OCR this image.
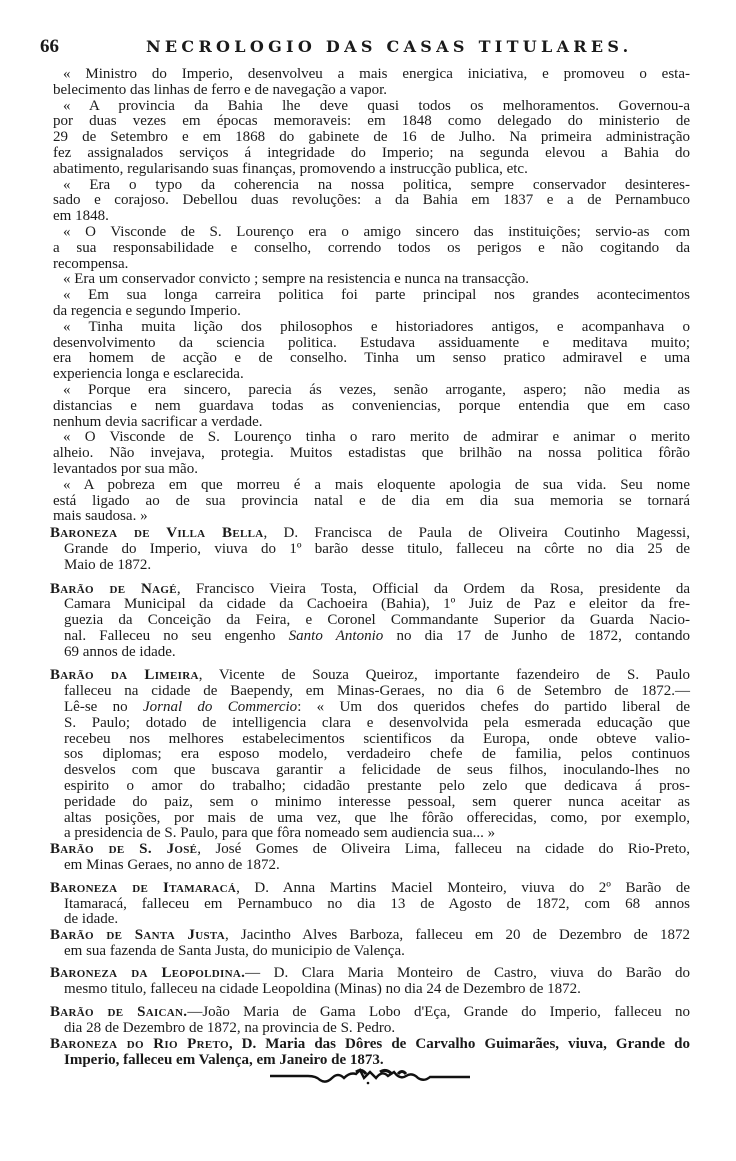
66	NECROLOGIO DAS CASAS TITULARES.
« Ministro do Imperio, desenvolveu a mais energica iniciativa, e promoveu o esta-
belecimento das linhas de ferro e de navegação a vapor.
« A provincia da Bahia lhe deve quasi todos os melhoramentos. Governou-a
por duas vezes em épocas memoraveis: em 1848 como delegado do ministerio de
29 de Setembro e em 1868 do gabinete de 16 de Julho. Na primeira administração
fez assignalados serviços á integridade do Imperio; na segunda elevou a Bahia do
abatimento, regularisando suas finanças, promovendo a instrucção publica, etc.
« Era o typo da coherencia na nossa politica, sempre conservador desinteres-
sado e corajoso. Debellou duas revoluções: a da Bahia em 1837 e a de Pernambuco
em 1848.
« O Visconde de S. Lourenço era o amigo sincero das instituições; servio-as com
a sua responsabilidade e conselho, correndo todos os perigos e não cogitando da
recompensa.
« Era um conservador convicto ; sempre na resistencia e nunca na transacção.
« Em sua longa carreira politica foi parte principal nos grandes acontecimentos
da regencia e segundo Imperio.
« Tinha muita lição dos philosophos e historiadores antigos, e acompanhava o
desenvolvimento da sciencia politica. Estudava assiduamente e meditava muito;
era homem de acção e de conselho. Tinha um senso pratico admiravel e uma
experiencia longa e esclarecida.
« Porque era sincero, parecia ás vezes, senão arrogante, aspero; não media as
distancias e nem guardava todas as conveniencias, porque entendia que em caso
nenhum devia sacrificar a verdade.
« O Visconde de S. Lourenço tinha o raro merito de admirar e animar o merito
alheio. Não invejava, protegia. Muitos estadistas que brilhão na nossa politica fôrão
levantados por sua mão.
« A pobreza em que morreu é a mais eloquente apologia de sua vida. Seu nome
está ligado ao de sua provincia natal e de dia em dia sua memoria se tornará
mais saudosa. »
Baroneza de Villa Bella, D. Francisca de Paula de Oliveira Coutinho Magessi,
Grande do Imperio, viuva do 1º barão desse titulo, falleceu na côrte no dia 25 de
Maio de 1872.
Barão de Nagé, Francisco Vieira Tosta, Official da Ordem da Rosa, presidente da
Camara Municipal da cidade da Cachoeira (Bahia), 1º Juiz de Paz e eleitor da fre-
guezia da Conceição da Feira, e Coronel Commandante Superior da Guarda Nacio-
nal. Falleceu no seu engenho Santo Antonio no dia 17 de Junho de 1872, contando
69 annos de idade.
Barão da Limeira, Vicente de Souza Queiroz, importante fazendeiro de S. Paulo
falleceu na cidade de Baependy, em Minas-Geraes, no dia 6 de Setembro de 1872.—
Lê-se no Jornal do Commercio: « Um dos queridos chefes do partido liberal de
S. Paulo; dotado de intelligencia clara e desenvolvida pela esmerada educação que
recebeu nos melhores estabelecimentos scientificos da Europa, onde obteve valio-
sos diplomas; era esposo modelo, verdadeiro chefe de familia, pelos continuos
desvelos com que buscava garantir a felicidade de seus filhos, inoculando-lhes no
espirito o amor do trabalho; cidadão prestante pelo zelo que dedicava á pros-
peridade do paiz, sem o minimo interesse pessoal, sem querer nunca aceitar as
altas posições, por mais de uma vez, que lhe fôrão offerecidas, como, por exemplo,
a presidencia de S. Paulo, para que fôra nomeado sem audiencia sua... »
Barão de S. José, José Gomes de Oliveira Lima, falleceu na cidade do Rio-Preto,
em Minas Geraes, no anno de 1872.
Baroneza de Itamaracá, D. Anna Martins Maciel Monteiro, viuva do 2º Barão de
Itamaracá, falleceu em Pernambuco no dia 13 de Agosto de 1872, com 68 annos
de idade.
Barão de Santa Justa, Jacintho Alves Barboza, falleceu em 20 de Dezembro de 1872
em sua fazenda de Santa Justa, do municipio de Valença.
Baroneza da Leopoldina.— D. Clara Maria Monteiro de Castro, viuva do Barão do
mesmo titulo, falleceu na cidade Leopoldina (Minas) no dia 24 de Dezembro de 1872.
Barão de Saican.—João Maria de Gama Lobo d'Eça, Grande do Imperio, falleceu no
dia 28 de Dezembro de 1872, na provincia de S. Pedro.
Baroneza do Rio Preto, D. Maria das Dôres de Carvalho Guimarães, viuva, Grande do
Imperio, falleceu em Valença, em Janeiro de 1873.
